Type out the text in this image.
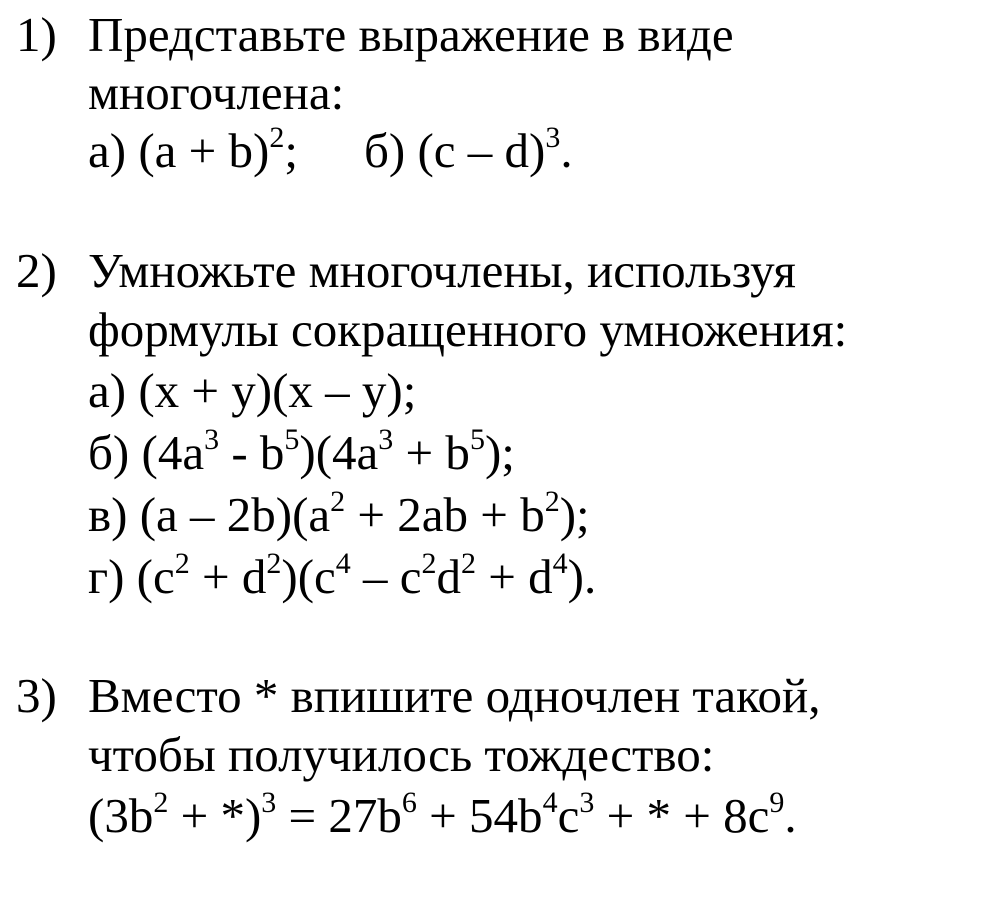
1) Представьте выражение в виде
многочлена:
а) $(a + b)^2$; б) (c – d)$^3$.
2) Умножьте многочлены, используя
формулы сокращенного умножения:
а) (x + y)(x – y);
б) $(4a^3 - b^5)(4a^3 + b^5)$;
в) $(a - 2b)(a^2 + 2ab + b^2)$;
г) $(c^2 + d^2)(c^4 - c^2d^2 + d^4)$.
3) Вместо * впишите одночлен такой,
чтобы получилось тождество:
$(3b^2 + *)^3 = 27b^6 + 54b^4c^3$ + * + $8c^9$.
